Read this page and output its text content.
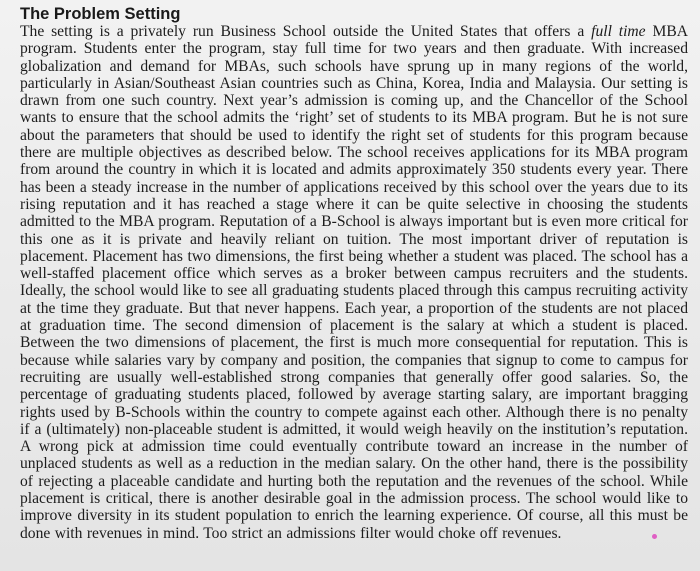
The Problem Setting

The setting is a privately run Business School outside the United States that offers a full time MBA program. Students enter the program, stay full time for two years and then graduate. With increased globalization and demand for MBAs, such schools have sprung up in many regions of the world, particularly in Asian/Southeast Asian countries such as China, Korea, India and Malaysia. Our setting is drawn from one such country. Next year’s admission is coming up, and the Chancellor of the School wants to ensure that the school admits the ‘right’ set of students to its MBA program. But he is not sure about the parameters that should be used to identify the right set of students for this program because there are multiple objectives as described below. The school receives applications for its MBA program from around the country in which it is located and admits approximately 350 students every year. There has been a steady increase in the number of applications received by this school over the years due to its rising reputation and it has reached a stage where it can be quite selective in choosing the students admitted to the MBA program. Reputation of a B-School is always important but is even more critical for this one as it is private and heavily reliant on tuition. The most important driver of reputation is placement. Placement has two dimensions, the first being whether a student was placed. The school has a well-staffed placement office which serves as a broker between campus recruiters and the students. Ideally, the school would like to see all graduating students placed through this campus recruiting activity at the time they graduate. But that never happens. Each year, a proportion of the students are not placed at graduation time. The second dimension of placement is the salary at which a student is placed. Between the two dimensions of placement, the first is much more consequential for reputation. This is because while salaries vary by company and position, the companies that signup to come to campus for recruiting are usually well-established strong companies that generally offer good salaries. So, the percentage of graduating students placed, followed by average starting salary, are important bragging rights used by B-Schools within the country to compete against each other. Although there is no penalty if a (ultimately) non-placeable student is admitted, it would weigh heavily on the institution’s reputation. A wrong pick at admission time could eventually contribute toward an increase in the number of unplaced students as well as a reduction in the median salary. On the other hand, there is the possibility of rejecting a placeable candidate and hurting both the reputation and the revenues of the school. While placement is critical, there is another desirable goal in the admission process. The school would like to improve diversity in its student population to enrich the learning experience. Of course, all this must be done with revenues in mind. Too strict an admissions filter would choke off revenues.
